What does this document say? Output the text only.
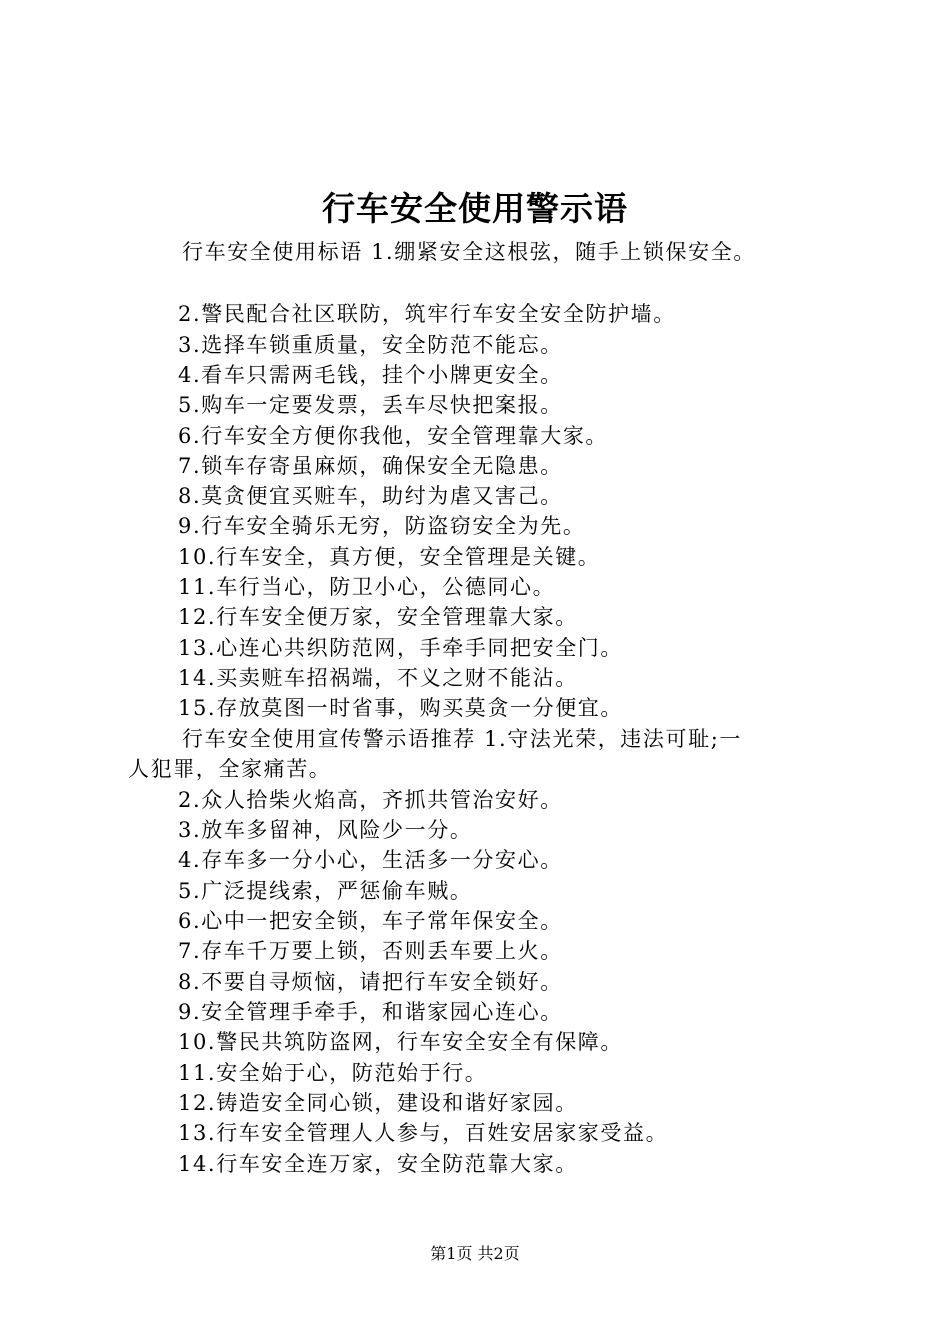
行车安全使用警示语
行车安全使用标语 1.绷紧安全这根弦，随手上锁保安全。
2.警民配合社区联防，筑牢行车安全安全防护墙。
3.选择车锁重质量，安全防范不能忘。
4.看车只需两毛钱，挂个小牌更安全。
5.购车一定要发票，丢车尽快把案报。
6.行车安全方便你我他，安全管理靠大家。
7.锁车存寄虽麻烦，确保安全无隐患。
8.莫贪便宜买赃车，助纣为虐又害己。
9.行车安全骑乐无穷，防盗窃安全为先。
10.行车安全，真方便，安全管理是关键。
11.车行当心，防卫小心，公德同心。
12.行车安全便万家，安全管理靠大家。
13.心连心共织防范网，手牵手同把安全门。
14.买卖赃车招祸端，不义之财不能沾。
15.存放莫图一时省事，购买莫贪一分便宜。
行车安全使用宣传警示语推荐 1.守法光荣，违法可耻;一
人犯罪，全家痛苦。
2.众人拾柴火焰高，齐抓共管治安好。
3.放车多留神，风险少一分。
4.存车多一分小心，生活多一分安心。
5.广泛提线索，严惩偷车贼。
6.心中一把安全锁，车子常年保安全。
7.存车千万要上锁，否则丢车要上火。
8.不要自寻烦恼，请把行车安全锁好。
9.安全管理手牵手，和谐家园心连心。
10.警民共筑防盗网，行车安全安全有保障。
11.安全始于心，防范始于行。
12.铸造安全同心锁，建设和谐好家园。
13.行车安全管理人人参与，百姓安居家家受益。
14.行车安全连万家，安全防范靠大家。
第1页 共2页
